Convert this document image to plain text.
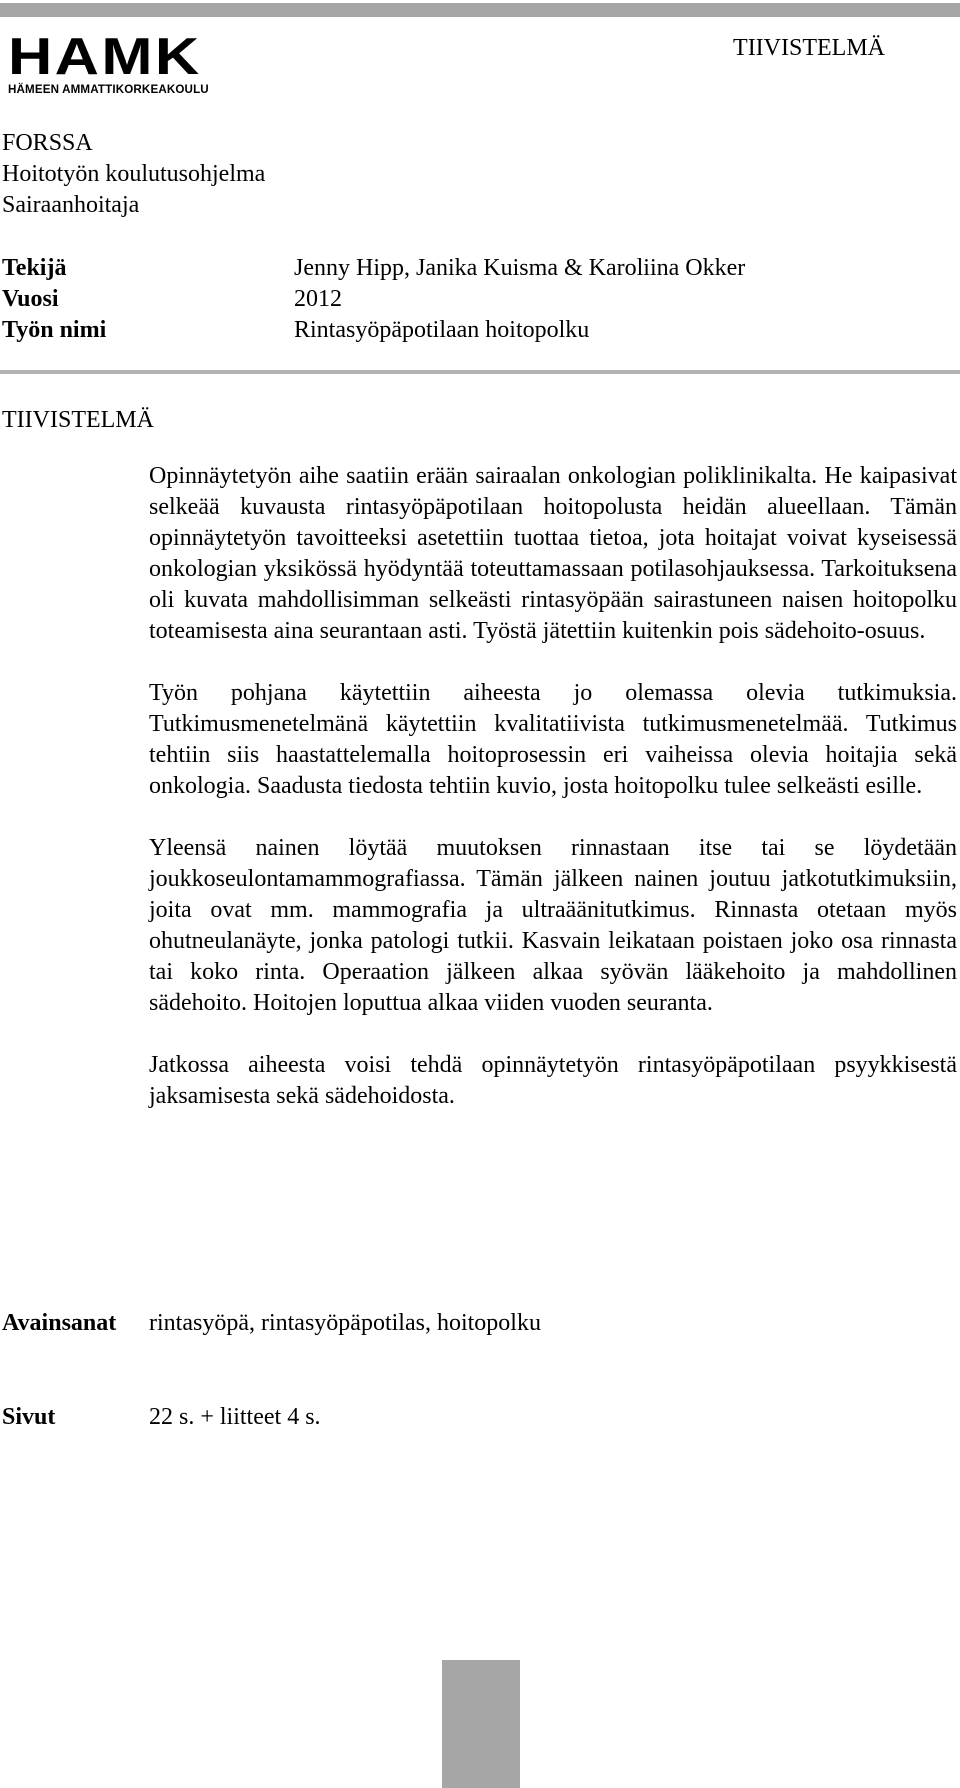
HAMK
HÄMEEN AMMATTIKORKEAKOULU
TIIVISTELMÄ
FORSSA
Hoitotyön koulutusohjelma
Sairaanhoitaja
Tekijä	Jenny Hipp, Janika Kuisma & Karoliina Okker
Vuosi	2012
Työn nimi	Rintasyöpäpotilaan hoitopolku
TIIVISTELMÄ

Opinnäytetyön aihe saatiin erään sairaalan onkologian poliklinikalta. He kaipasivat selkeää kuvausta rintasyöpäpotilaan hoitopolusta heidän alueellaan. Tämän opinnäytetyön tavoitteeksi asetettiin tuottaa tietoa, jota hoitajat voivat kyseisessä onkologian yksikössä hyödyntää toteuttamassaan potilasohjauksessa. Tarkoituksena oli kuvata mahdollisimman selkeästi rintasyöpään sairastuneen naisen hoitopolku toteamisesta aina seurantaan asti. Työstä jätettiin kuitenkin pois sädehoito-osuus.

Työn pohjana käytettiin aiheesta jo olemassa olevia tutkimuksia. Tutkimusmenetelmänä käytettiin kvalitatiivista tutkimusmenetelmää. Tutkimus tehtiin siis haastattelemalla hoitoprosessin eri vaiheissa olevia hoitajia sekä onkologia. Saadusta tiedosta tehtiin kuvio, josta hoitopolku tulee selkeästi esille.

Yleensä nainen löytää muutoksen rinnastaan itse tai se löydetään joukkoseulontamammografiassa. Tämän jälkeen nainen joutuu jatkotutkimuksiin, joita ovat mm. mammografia ja ultraäänitutkimus. Rinnasta otetaan myös ohutneulanäyte, jonka patologi tutkii. Kasvain leikataan poistaen joko osa rinnasta tai koko rinta. Operaation jälkeen alkaa syövän lääkehoito ja mahdollinen sädehoito. Hoitojen loputtua alkaa viiden vuoden seuranta.

Jatkossa aiheesta voisi tehdä opinnäytetyön rintasyöpäpotilaan psyykkisestä jaksamisesta sekä sädehoidosta.

Avainsanat	rintasyöpä, rintasyöpäpotilas, hoitopolku
Sivut	22 s. + liitteet 4 s.
